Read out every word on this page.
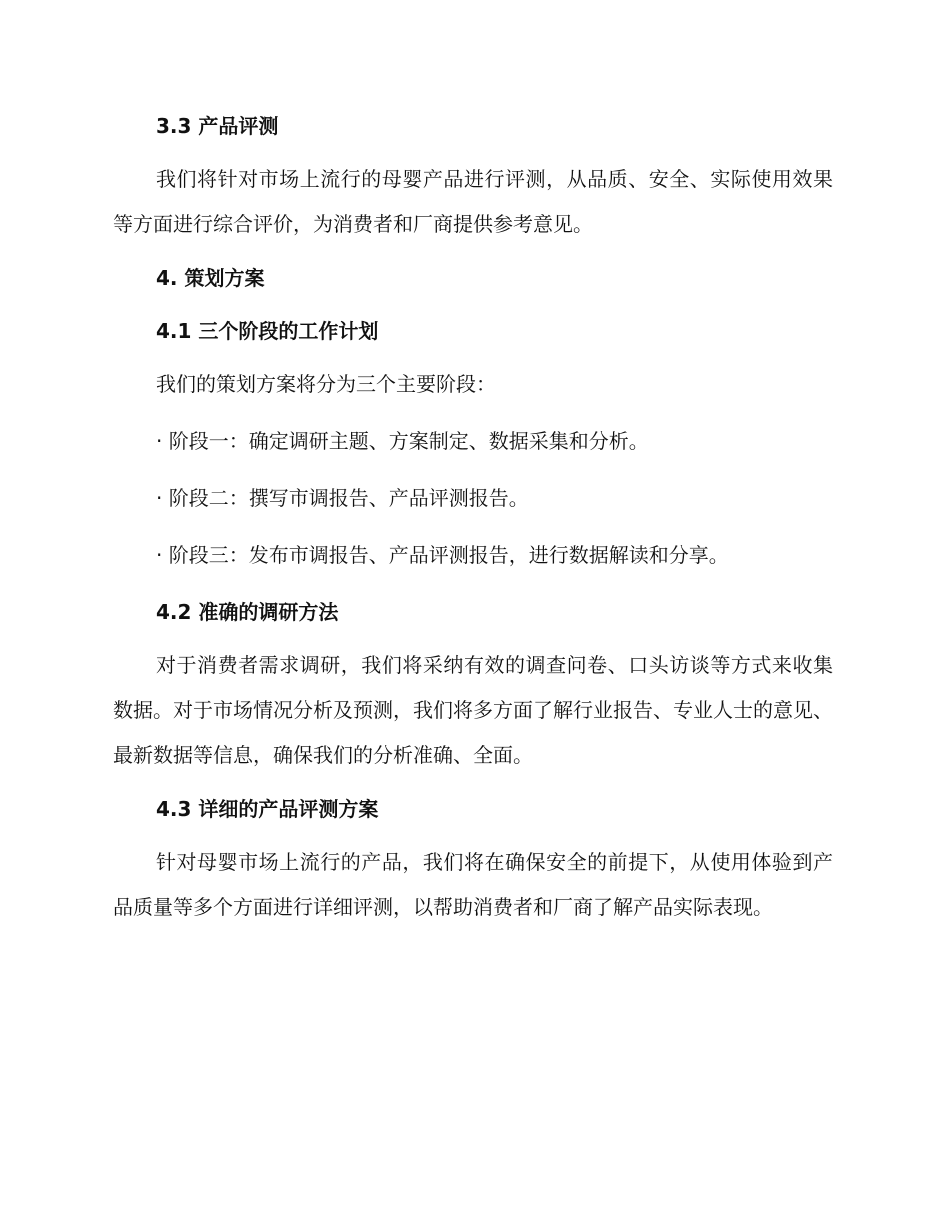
3.3 产品评测
我们将针对市场上流行的母婴产品进行评测，从品质、安全、实际使用效果等方面进行综合评价，为消费者和厂商提供参考意见。
4. 策划方案
4.1 三个阶段的工作计划
我们的策划方案将分为三个主要阶段：
· 阶段一：确定调研主题、方案制定、数据采集和分析。
· 阶段二：撰写市调报告、产品评测报告。
· 阶段三：发布市调报告、产品评测报告，进行数据解读和分享。
4.2 准确的调研方法
对于消费者需求调研，我们将采纳有效的调查问卷、口头访谈等方式来收集数据。对于市场情况分析及预测，我们将多方面了解行业报告、专业人士的意见、最新数据等信息，确保我们的分析准确、全面。
4.3 详细的产品评测方案
针对母婴市场上流行的产品，我们将在确保安全的前提下，从使用体验到产品质量等多个方面进行详细评测，以帮助消费者和厂商了解产品实际表现。
